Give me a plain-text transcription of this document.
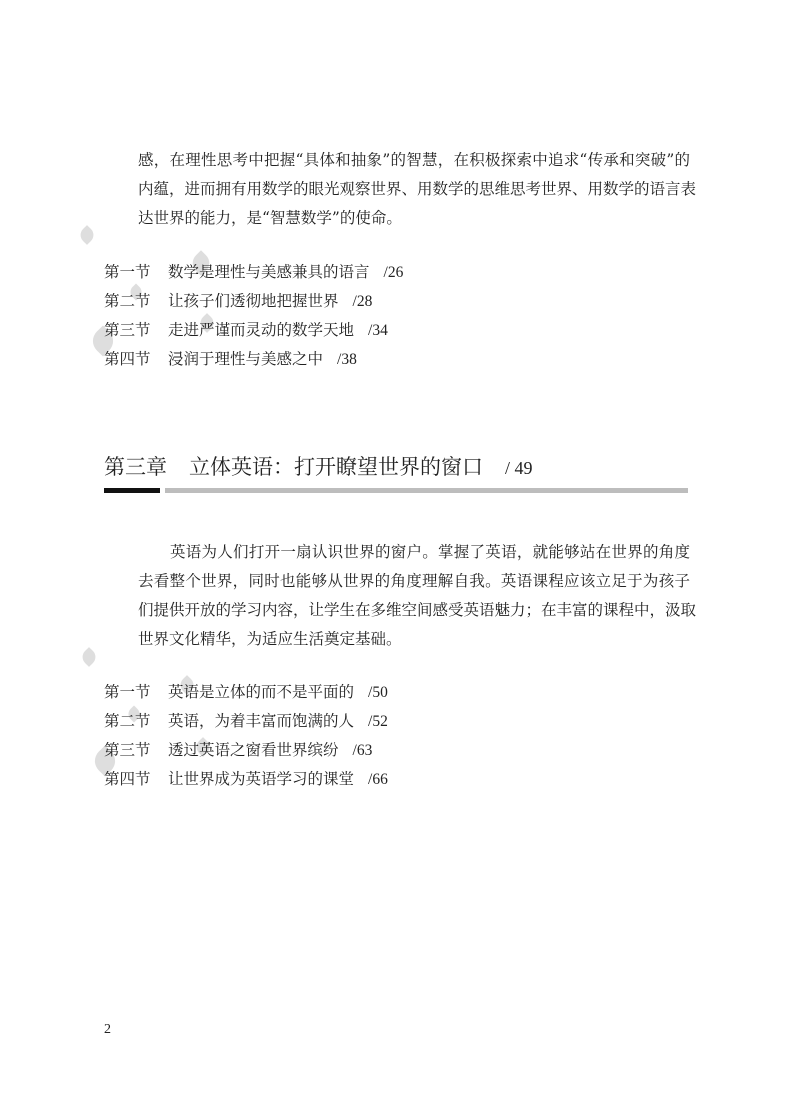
感，在理性思考中把握“具体和抽象”的智慧，在积极探索中追求“传承和突破”的
内蕴，进而拥有用数学的眼光观察世界、用数学的思维思考世界、用数学的语言表
达世界的能力，是“智慧数学”的使命。
第一节 数学是理性与美感兼具的语言 /26
第二节 让孩子们透彻地把握世界 /28
第三节 走进严谨而灵动的数学天地 /34
第四节 浸润于理性与美感之中 /38
第三章 立体英语：打开瞭望世界的窗口 / 49
英语为人们打开一扇认识世界的窗户。掌握了英语，就能够站在世界的角度
去看整个世界，同时也能够从世界的角度理解自我。英语课程应该立足于为孩子
们提供开放的学习内容，让学生在多维空间感受英语魅力；在丰富的课程中，汲取
世界文化精华，为适应生活奠定基础。
第一节 英语是立体的而不是平面的 /50
第二节 英语，为着丰富而饱满的人 /52
第三节 透过英语之窗看世界缤纷 /63
第四节 让世界成为英语学习的课堂 /66
2
